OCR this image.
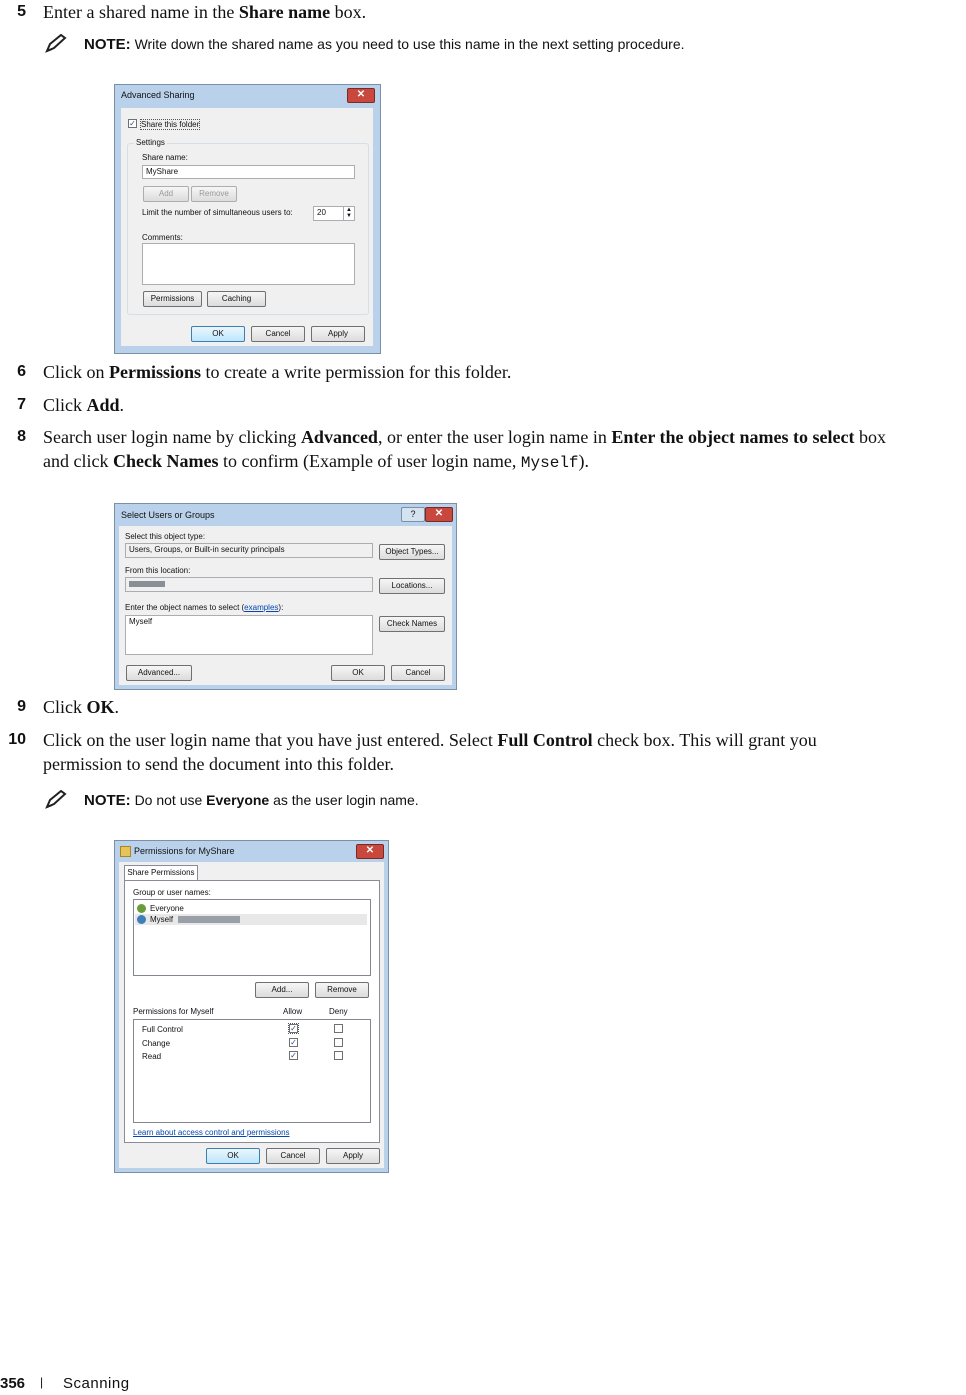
5 Enter a shared name in the Share name box.
NOTE: Write down the shared name as you need to use this name in the next setting procedure.
Advanced Sharing	✕
✓ Share this folder
Settings
Share name:
MyShare
Add	Remove
Limit the number of simultaneous users to:	20	▲
▼
Comments:
Permissions	Caching
OK	Cancel	Apply
6 Click on Permissions to create a write permission for this folder.
7 Click Add.
8 Search user login name by clicking Advanced, or enter the user login name in Enter the object names to select box
and click Check Names to confirm (Example of user login name, Myself).
Select Users or Groups	?	✕
Select this object type:
Users, Groups, or Built-in security principals	Object Types...
From this location:
Locations...
Enter the object names to select (examples):
Myself	Check Names
Advanced...	OK	Cancel
9 Click OK.
10 Click on the user login name that you have just entered. Select Full Control check box. This will grant you
permission to send the document into this folder.
NOTE: Do not use Everyone as the user login name.
Permissions for MyShare	✕
Share Permissions
Group or user names:
Everyone
Myself
Add...	Remove
Permissions for Myself	Allow	Deny
Full Control	✓
Change	✓
Read	✓
Learn about access control and permissions
OK	Cancel	Apply
356 | Scanning
